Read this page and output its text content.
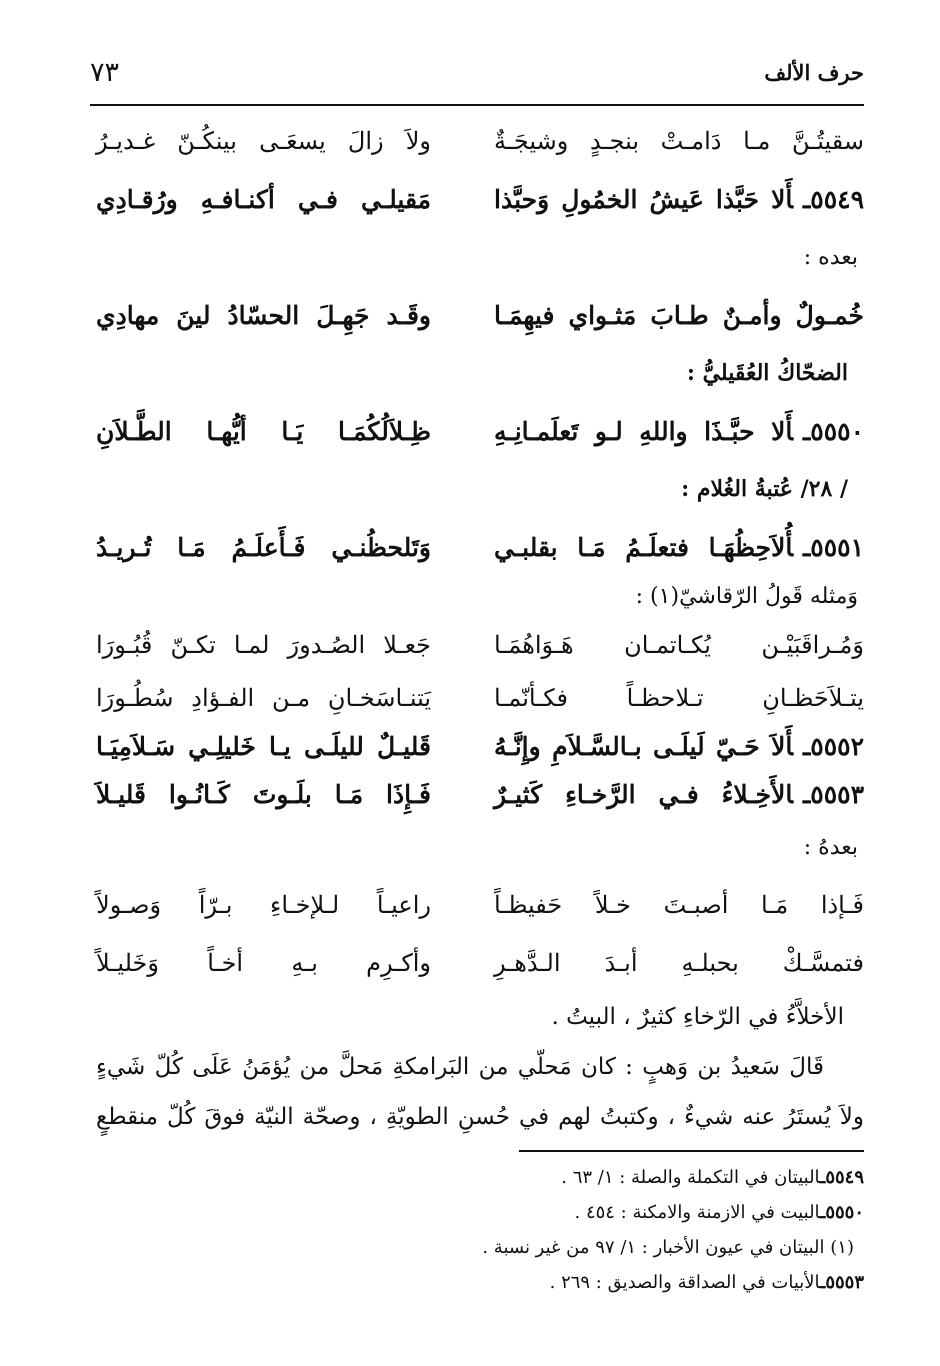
حرف الألف
٧٣
سقيتُـنَّ مـا دَامـتْ بنجـدٍ وشيجَـةٌ
ولاَ زالَ يسعَـى بينكُـنّ غـديـرُ
٥٥٤٩ـأَلا حَبَّذا عَيشُ الخمُولِ وَحبَّذا
مَقيلـي فـي أكنـافـهِ ورُقـادِي
بعده :
خُمـولٌ وأمـنٌ طـابَ مَثـواي فيهِمَـا
وقَـد جَهِـلَ الحسّادُ لينَ مهادِي
الضحّاكُ العُقَيليُّ :
٥٥٥٠ـأَلا حبَّـذَا واللهِ لـو تَعلَمـانِـهِ
ظِـلاَلُكُمَـا يَـا أيُّهـا الطَّـلاَنِ
/ ٢٨/ عُتبةُ الغُلام :
٥٥٥١ـأُلاَحِظُهَـا فتعلَـمُ مَـا بقلبـي
وَتَلحظُنـي فَـأَعلَـمُ مَـا تُـريـدُ
وَمثله قَولُ الرّقاشيّ(١) :
وَمُـراقَبَيْـن يُكـاتمـان هَـوَاهُمَـا
جَعـلا الصُـدورَ لمـا تكـنّ قُبُـورَا
يتـلاَحَظـانِ تـلاحظـاً فكـأنّمـا
يَتنـاسَخـانِ مـن الفـؤادِ سُطُـورَا
٥٥٥٢ـأَلاَ حَـيّ لَيلَـى بـالسَّـلاَمِ وإِنَّـهُ
قَليـلٌ لليلَـى يـا خَليلِـي سَـلاَمِيَـا
٥٥٥٣ـالأَخِـلاءُ فـي الرَّخـاءِ كَثيـرٌ
فَـإِذَا مَـا بلَـوتَ كَـانُـوا قَليـلاَ
بعدهُ :
فَـإذا مَـا أصبـتَ خـلاً حَفيظـاً
راعيـاً لـلإخـاءِ بـرّاً وَصـولاً
فتمسَّـكْ بحبلـهِ أبـدَ الـدَّهـرِ
وأكـرِم بـهِ أخـاً وَخَليـلاً
الأخلاَّءُ في الرّخاءِ كثيرٌ ، البيتُ .
قَالَ سَعيدُ بن وَهبٍ : كان مَحلّي من البَرامكةِ مَحلَّ من يُؤمَنُ عَلَى كُلّ شَيءٍ
ولاَ يُستَرُ عنه شيءٌ ، وكتبتُ لهم في حُسنِ الطويّةِ ، وصحّة النيّة فوقَ كُلّ منقطعٍ
٥٥٤٩ـالبيتان في التكملة والصلة : ١/ ٦٣ .
٥٥٥٠ـالبيت في الازمنة والامكنة : ٤٥٤ .
(١) البيتان في عيون الأخبار : ١/ ٩٧ من غير نسبة .
٥٥٥٣ـالأبيات في الصداقة والصديق : ٢٦٩ .
